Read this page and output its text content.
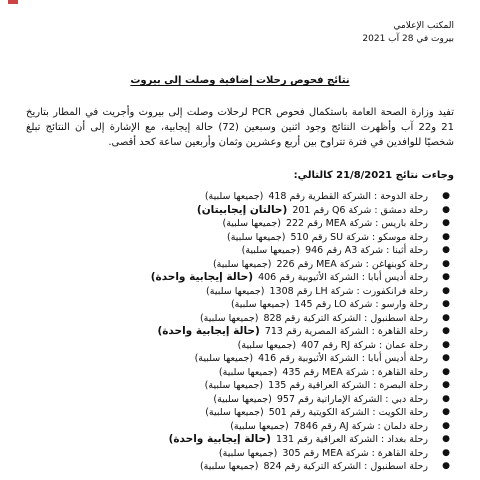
المكتب الإعلامي
بيروت في 28 آب 2021
نتائج فحوص رحلات إضافية وصلت إلى بيروت

تفيد وزارة الصحة العامة باستكمال فحوص PCR لرحلات وصلت إلى بيروت وأجريت في المطار بتاريخ 21 و22 آب وأظهرت النتائج وجود اثنين وسبعين (72) حالة إيجابية، مع الإشارة إلى أن النتائج تبلغ شخصيًا للوافدين في فترة تتراوح بين أربع وعشرين وثمان وأربعين ساعة كحد أقصى.

وجاءت نتائج 21/8/2021 كالتالي:
●
رحلة الدوحة : الشركة القطرية رقم 418 (جميعها سلبية)
●
رحلة دمشق : شركة Q6 رقم 201 (حالتان إيجابيتان)
●
رحلة باريس : شركة MEA رقم 222 (جميعها سلبية)
●
رحلة موسكو : شركة SU رقم 510 (جميعها سلبية)
●
رحلة أثينا : شركة A3 رقم 946 (جميعها سلبية)
●
رحلة كوبنهاغن : شركة MEA رقم 226 (جميعها سلبية)
●
رحلة أديس أبابا : الشركة الأثيوبية رقم 406 (حالة إيجابية واحدة)
●
رحلة فرانكفورت : شركة LH رقم 1308 (جميعها سلبية)
●
رحلة وارسو : شركة LO رقم 145 (جميعها سلبية)
●
رحلة اسطنبول : الشركة التركية رقم 828 (جميعها سلبية)
●
رحلة القاهرة : الشركة المصرية رقم 713 (حالة إيجابية واحدة)
●
رحلة عمان : شركة RJ رقم 407 (جميعها سلبية)
●
رحلة أديس أبابا : الشركة الأثيوبية رقم 416 (جميعها سلبية)
●
رحلة القاهرة : شركة MEA رقم 435 (جميعها سلبية)
●
رحلة البصرة : الشركة العراقية رقم 135 (جميعها سلبية)
●
رحلة دبي : الشركة الإماراتية رقم 957 (جميعها سلبية)
●
رحلة الكويت : الشركة الكويتية رقم 501 (جميعها سلبية)
●
رحلة دلمان : شركة AJ رقم 7846 (جميعها سلبية)
●
رحلة بغداد : الشركة العراقية رقم 131 (حالة إيجابية واحدة)
●
رحلة القاهرة : شركة MEA رقم 305 (جميعها سلبية)
●
رحلة اسطنبول : الشركة التركية رقم 824 (جميعها سلبية)
